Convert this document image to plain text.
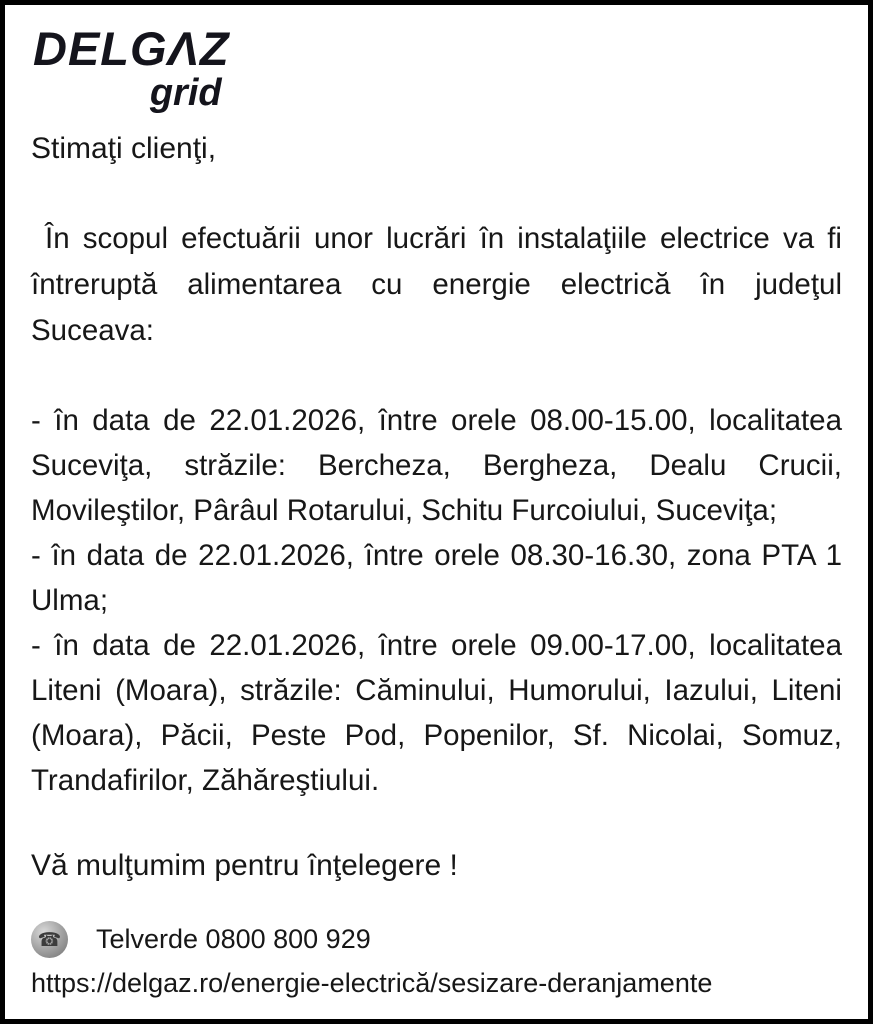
DELGΛZ
grid
Stimaţi clienţi,
În scopul efectuării unor lucrări în instalaţiile electrice va fi întreruptă alimentarea cu energie electrică în judeţul Suceava:

- în data de 22.01.2026, între orele 08.00-15.00, localitatea Suceviţa, străzile: Bercheza, Bergheza, Dealu Crucii, Movileştilor, Pârâul Rotarului, Schitu Furcoiului, Suceviţa;

- în data de 22.01.2026, între orele 08.30-16.30, zona PTA 1 Ulma;

- în data de 22.01.2026, între orele 09.00-17.00, localitatea Liteni (Moara), străzile: Căminului, Humorului, Iazului, Liteni (Moara), Păcii, Peste Pod, Popenilor, Sf. Nicolai, Somuz, Trandafirilor, Zăhăreştiului.

Vă mulţumim pentru înţelegere !
☎ Telverde 0800 800 929
https://delgaz.ro/energie-electrică/sesizare-deranjamente
